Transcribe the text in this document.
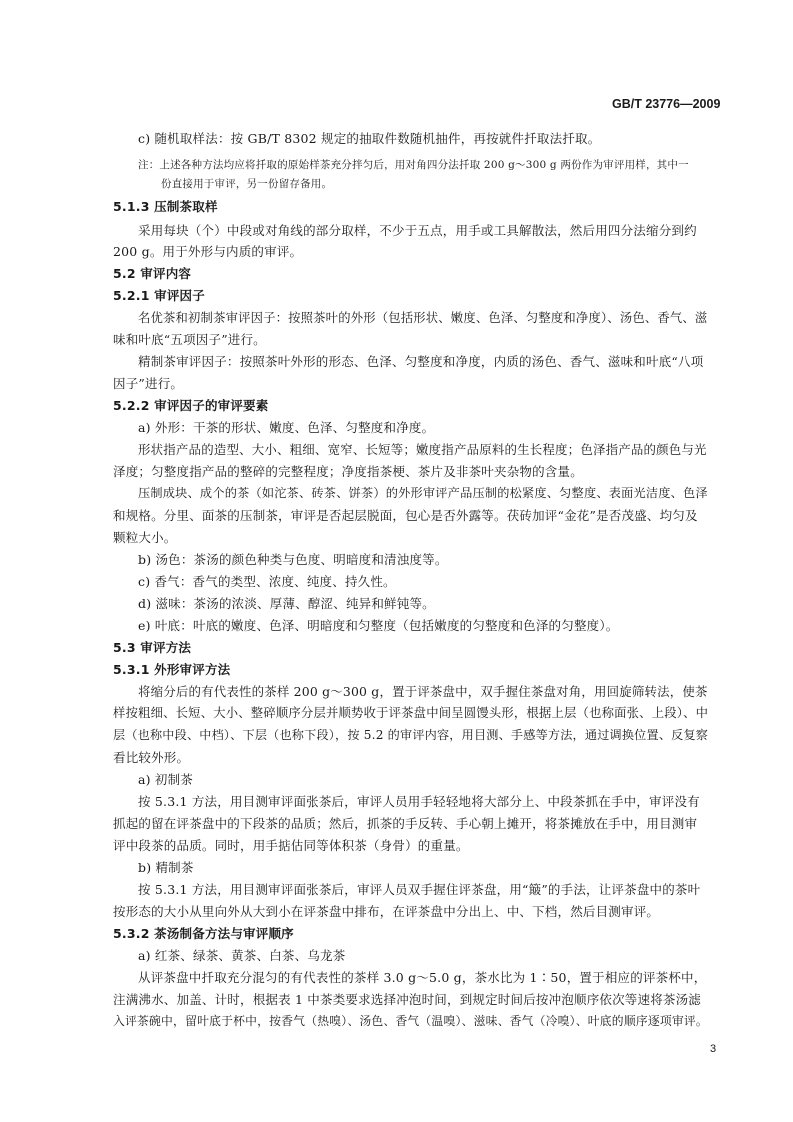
GB/T 23776—2009
c) 随机取样法：按 GB/T 8302 规定的抽取件数随机抽件，再按就件扦取法扦取。
注：上述各种方法均应将扦取的原始样茶充分拌匀后，用对角四分法扦取 200 g～300 g 两份作为审评用样，其中一
份直接用于审评，另一份留存备用。
5.1.3 压制茶取样
采用每块（个）中段或对角线的部分取样，不少于五点，用手或工具解散法，然后用四分法缩分到约
200 g。用于外形与内质的审评。
5.2 审评内容
5.2.1 审评因子
名优茶和初制茶审评因子：按照茶叶的外形（包括形状、嫩度、色泽、匀整度和净度）、汤色、香气、滋
味和叶底“五项因子”进行。
精制茶审评因子：按照茶叶外形的形态、色泽、匀整度和净度，内质的汤色、香气、滋味和叶底“八项
因子”进行。
5.2.2 审评因子的审评要素
a) 外形：干茶的形状、嫩度、色泽、匀整度和净度。
形状指产品的造型、大小、粗细、宽窄、长短等；嫩度指产品原料的生长程度；色泽指产品的颜色与光
泽度；匀整度指产品的整碎的完整程度；净度指茶梗、茶片及非茶叶夹杂物的含量。
压制成块、成个的茶（如沱茶、砖茶、饼茶）的外形审评产品压制的松紧度、匀整度、表面光洁度、色泽
和规格。分里、面茶的压制茶，审评是否起层脱面，包心是否外露等。茯砖加评“金花”是否茂盛、均匀及
颗粒大小。
b) 汤色：茶汤的颜色种类与色度、明暗度和清浊度等。
c) 香气：香气的类型、浓度、纯度、持久性。
d) 滋味：茶汤的浓淡、厚薄、醇涩、纯异和鲜钝等。
e) 叶底：叶底的嫩度、色泽、明暗度和匀整度（包括嫩度的匀整度和色泽的匀整度）。
5.3 审评方法
5.3.1 外形审评方法
将缩分后的有代表性的茶样 200 g～300 g，置于评茶盘中，双手握住茶盘对角，用回旋筛转法，使茶
样按粗细、长短、大小、整碎顺序分层并顺势收于评茶盘中间呈圆馒头形，根据上层（也称面张、上段）、中
层（也称中段、中档）、下层（也称下段），按 5.2 的审评内容，用目测、手感等方法，通过调换位置、反复察
看比较外形。
a) 初制茶
按 5.3.1 方法，用目测审评面张茶后，审评人员用手轻轻地将大部分上、中段茶抓在手中，审评没有
抓起的留在评茶盘中的下段茶的品质；然后，抓茶的手反转、手心朝上摊开，将茶摊放在手中，用目测审
评中段茶的品质。同时，用手掂估同等体积茶（身骨）的重量。
b) 精制茶
按 5.3.1 方法，用目测审评面张茶后，审评人员双手握住评茶盘，用“簸”的手法，让评茶盘中的茶叶
按形态的大小从里向外从大到小在评茶盘中排布，在评茶盘中分出上、中、下档，然后目测审评。
5.3.2 茶汤制备方法与审评顺序
a) 红茶、绿茶、黄茶、白茶、乌龙茶
从评茶盘中扦取充分混匀的有代表性的茶样 3.0 g～5.0 g，茶水比为 1∶50，置于相应的评茶杯中，
注满沸水、加盖、计时，根据表 1 中茶类要求选择冲泡时间，到规定时间后按冲泡顺序依次等速将茶汤滤
入评茶碗中，留叶底于杯中，按香气（热嗅）、汤色、香气（温嗅）、滋味、香气（冷嗅）、叶底的顺序逐项审评。
3
